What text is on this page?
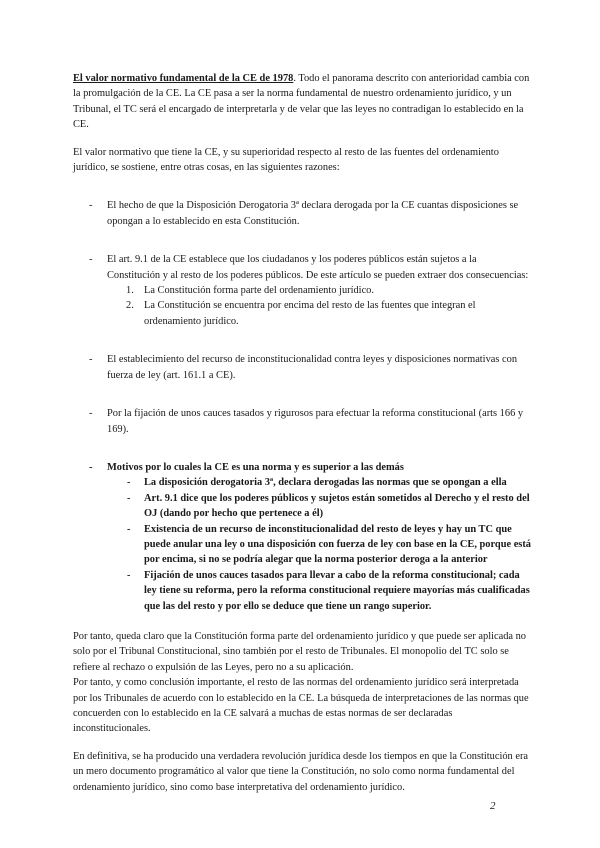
El valor normativo fundamental de la CE de 1978. Todo el panorama descrito con anterioridad cambia con la promulgación de la CE. La CE pasa a ser la norma fundamental de nuestro ordenamiento jurídico, y un Tribunal, el TC será el encargado de interpretarla y de velar que las leyes no contradigan lo establecido en la CE.

El valor normativo que tiene la CE, y su superioridad respecto al resto de las fuentes del ordenamiento jurídico, se sostiene, entre otras cosas, en las siguientes razones:

- El hecho de que la Disposición Derogatoria 3ª declara derogada por la CE cuantas disposiciones se opongan a lo establecido en esta Constitución.
- El art. 9.1 de la CE establece que los ciudadanos y los poderes públicos están sujetos a la Constitución y al resto de los poderes públicos. De este artículo se pueden extraer dos consecuencias:
1. La Constitución forma parte del ordenamiento jurídico.
2. La Constitución se encuentra por encima del resto de las fuentes que integran el ordenamiento jurídico.
- El establecimiento del recurso de inconstitucionalidad contra leyes y disposiciones normativas con fuerza de ley (art. 161.1 a CE).
- Por la fijación de unos cauces tasados y rigurosos para efectuar la reforma constitucional (arts 166 y 169).
- Motivos por lo cuales la CE es una norma y es superior a las demás
- La disposición derogatoria 3ª, declara derogadas las normas que se opongan a ella
- Art. 9.1 dice que los poderes públicos y sujetos están sometidos al Derecho y el resto del OJ (dando por hecho que pertenece a él)
- Existencia de un recurso de inconstitucionalidad del resto de leyes y hay un TC que puede anular una ley o una disposición con fuerza de ley con base en la CE, porque está por encima, si no se podría alegar que la norma posterior deroga a la anterior
- Fijación de unos cauces tasados para llevar a cabo de la reforma constitucional; cada ley tiene su reforma, pero la reforma constitucional requiere mayorías más cualificadas que las del resto y por ello se deduce que tiene un rango superior.

Por tanto, queda claro que la Constitución forma parte del ordenamiento jurídico y que puede ser aplicada no solo por el Tribunal Constitucional, sino también por el resto de Tribunales. El monopolio del TC solo se refiere al rechazo o expulsión de las Leyes, pero no a su aplicación.

Por tanto, y como conclusión importante, el resto de las normas del ordenamiento jurídico será interpretada por los Tribunales de acuerdo con lo establecido en la CE. La búsqueda de interpretaciones de las normas que concuerden con lo establecido en la CE salvará a muchas de estas normas de ser declaradas inconstitucionales.

En definitiva, se ha producido una verdadera revolución jurídica desde los tiempos en que la Constitución era un mero documento programático al valor que tiene la Constitución, no solo como norma fundamental del ordenamiento jurídico, sino como base interpretativa del ordenamiento jurídico.

2
